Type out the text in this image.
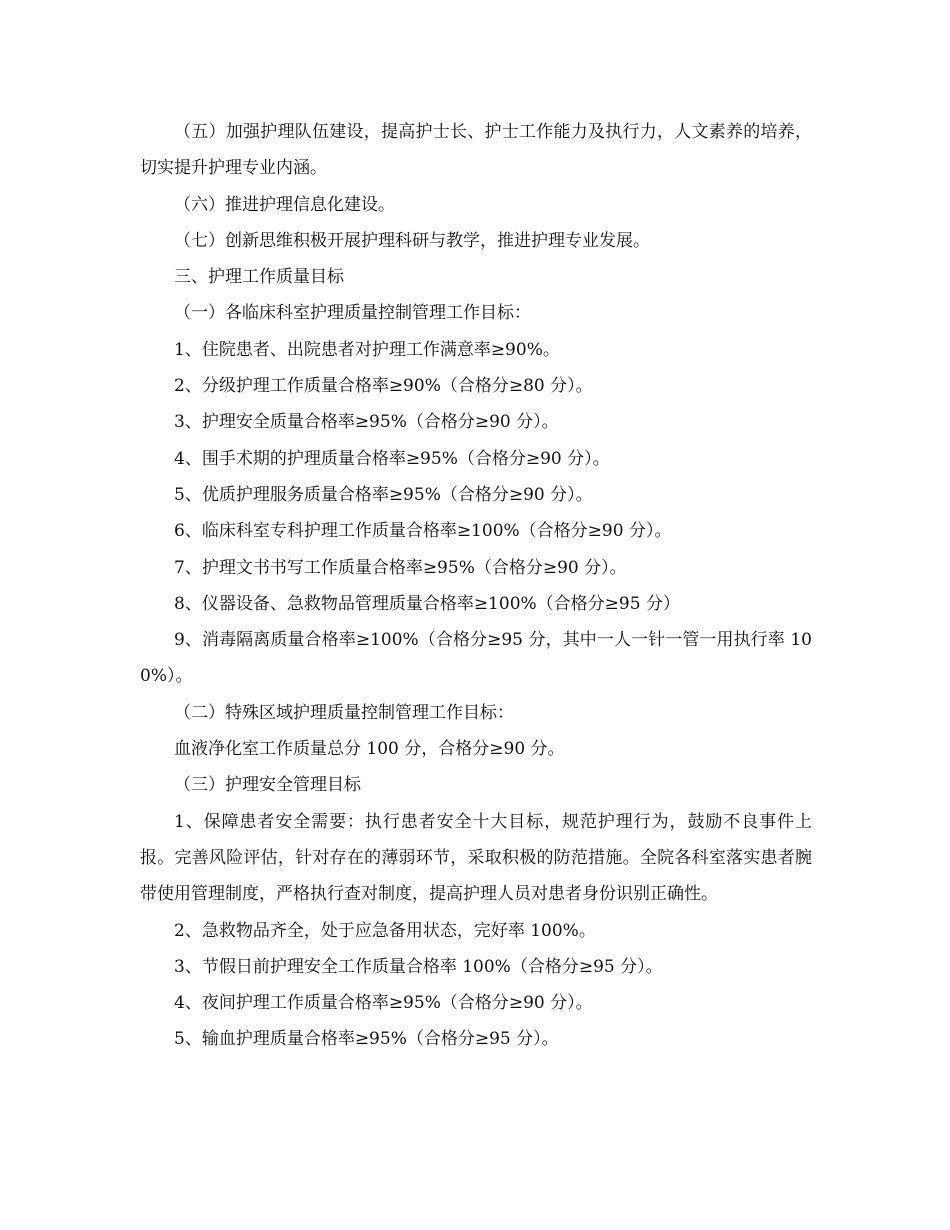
（五）加强护理队伍建设，提高护士长、护士工作能力及执行力，人文素养的培养，切实提升护理专业内涵。

（六）推进护理信息化建设。

（七）创新思维积极开展护理科研与教学，推进护理专业发展。

三、护理工作质量目标

（一）各临床科室护理质量控制管理工作目标：

1、住院患者、出院患者对护理工作满意率≥90%。

2、分级护理工作质量合格率≥90%（合格分≥80 分）。

3、护理安全质量合格率≥95%（合格分≥90 分）。

4、围手术期的护理质量合格率≥95%（合格分≥90 分）。

5、优质护理服务质量合格率≥95%（合格分≥90 分）。

6、临床科室专科护理工作质量合格率≥100%（合格分≥90 分）。

7、护理文书书写工作质量合格率≥95%（合格分≥90 分）。

8、仪器设备、急救物品管理质量合格率≥100%（合格分≥95 分）

9、消毒隔离质量合格率≥100%（合格分≥95 分，其中一人一针一管一用执行率 100%）。

（二）特殊区域护理质量控制管理工作目标：

血液净化室工作质量总分 100 分，合格分≥90 分。

（三）护理安全管理目标

1、保障患者安全需要：执行患者安全十大目标，规范护理行为，鼓励不良事件上报。完善风险评估，针对存在的薄弱环节，采取积极的防范措施。全院各科室落实患者腕带使用管理制度，严格执行查对制度，提高护理人员对患者身份识别正确性。

2、急救物品齐全，处于应急备用状态，完好率 100%。

3、节假日前护理安全工作质量合格率 100%（合格分≥95 分）。

4、夜间护理工作质量合格率≥95%（合格分≥90 分）。

5、输血护理质量合格率≥95%（合格分≥95 分）。
